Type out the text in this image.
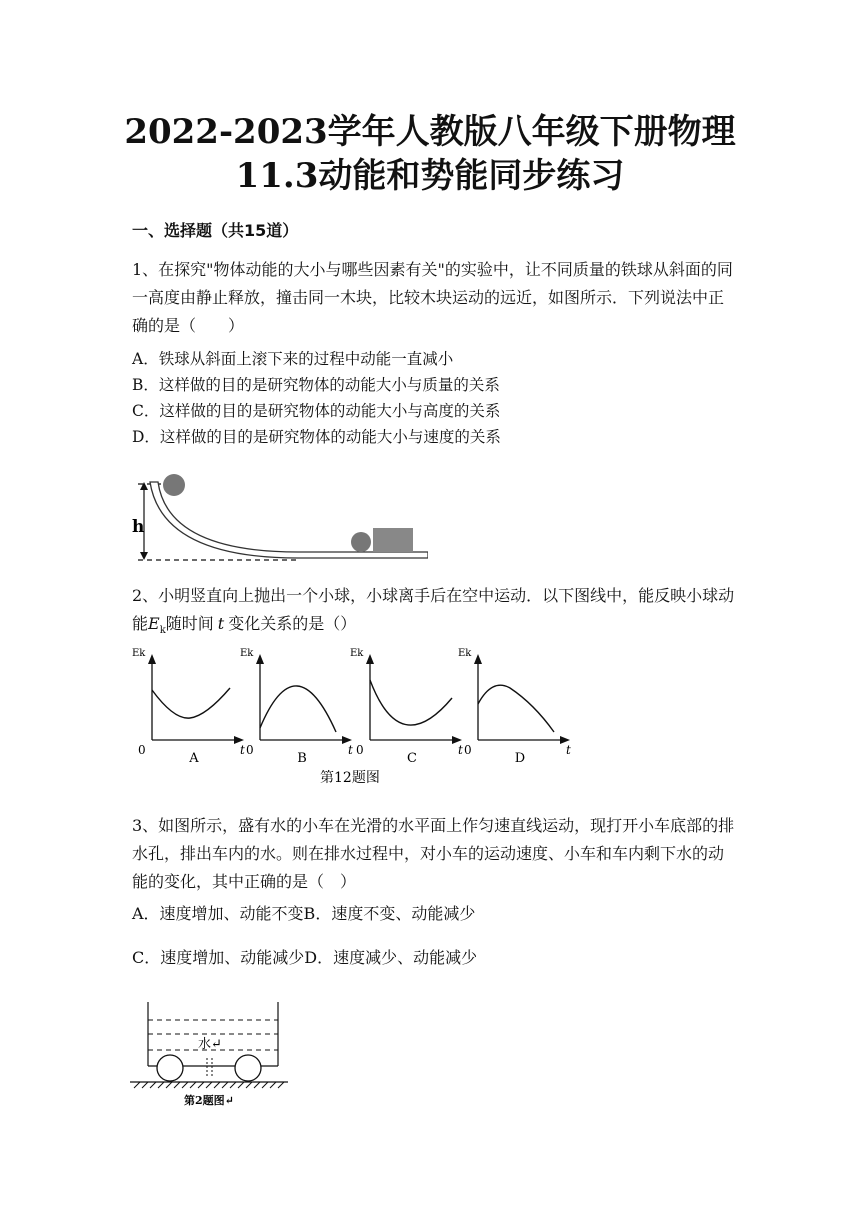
2022-2023学年人教版八年级下册物理
11.3动能和势能同步练习
一、选择题（共15道）
1、在探究"物体动能的大小与哪些因素有关"的实验中，让不同质量的铁球从斜面的同一高度由静止释放，撞击同一木块，比较木块运动的远近，如图所示．下列说法中正确的是（　　）
A．铁球从斜面上滚下来的过程中动能一直减小
B．这样做的目的是研究物体的动能大小与质量的关系
C．这样做的目的是研究物体的动能大小与高度的关系
D．这样做的目的是研究物体的动能大小与速度的关系
h
2、小明竖直向上抛出一个小球，小球离手后在空中运动．以下图线中，能反映小球动能$E_k$随时间 t 变化关系的是（）
第12题图
Ek
t
0
A
Ek
t
0
B
Ek
t
0
C
Ek
t
0
D
3、如图所示，盛有水的小车在光滑的水平面上作匀速直线运动，现打开小车底部的排水孔，排出车内的水。则在排水过程中，对小车的运动速度、小车和车内剩下水的动能的变化，其中正确的是（　）
A．速度增加、动能不变B．速度不变、动能减少
C．速度增加、动能减少D．速度减少、动能减少
水↵
第2题图↵
